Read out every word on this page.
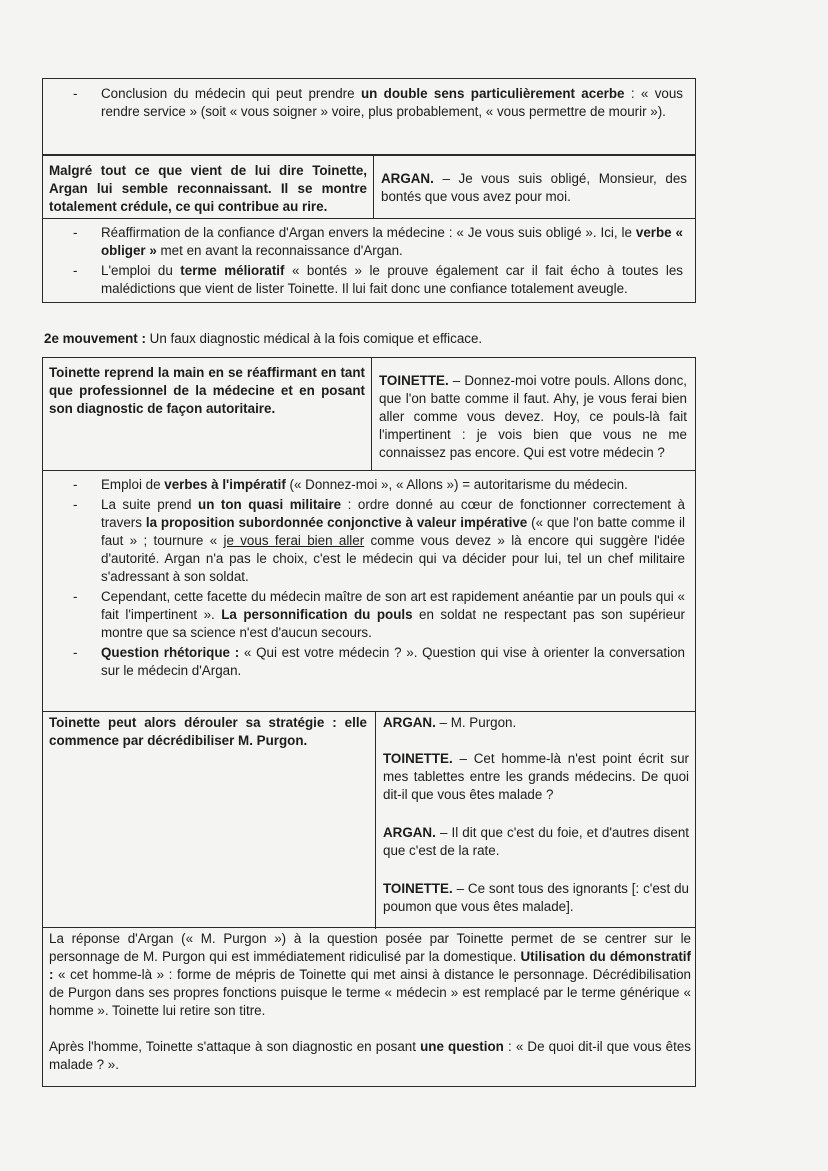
- Conclusion du médecin qui peut prendre un double sens particulièrement acerbe : « vous rendre service » (soit « vous soigner » voire, plus probablement, « vous permettre de mourir »).

Malgré tout ce que vient de lui dire Toinette, Argan lui semble reconnaissant. Il se montre totalement crédule, ce qui contribue au rire.

ARGAN. – Je vous suis obligé, Monsieur, des bontés que vous avez pour moi.

- Réaffirmation de la confiance d'Argan envers la médecine : « Je vous suis obligé ». Ici, le verbe « obliger » met en avant la reconnaissance d'Argan.
- L'emploi du terme mélioratif « bontés » le prouve également car il fait écho à toutes les malédictions que vient de lister Toinette. Il lui fait donc une confiance totalement aveugle.
2e mouvement : Un faux diagnostic médical à la fois comique et efficace.

Toinette reprend la main en se réaffirmant en tant que professionnel de la médecine et en posant son diagnostic de façon autoritaire.

TOINETTE. – Donnez-moi votre pouls. Allons donc, que l'on batte comme il faut. Ahy, je vous ferai bien aller comme vous devez. Hoy, ce pouls-là fait l'impertinent : je vois bien que vous ne me connaissez pas encore. Qui est votre médecin ?

- Emploi de verbes à l'impératif (« Donnez-moi », « Allons ») = autoritarisme du médecin.
- La suite prend un ton quasi militaire : ordre donné au cœur de fonctionner correctement à travers la proposition subordonnée conjonctive à valeur impérative (« que l'on batte comme il faut » ; tournure « je vous ferai bien aller comme vous devez » là encore qui suggère l'idée d'autorité. Argan n'a pas le choix, c'est le médecin qui va décider pour lui, tel un chef militaire s'adressant à son soldat.
- Cependant, cette facette du médecin maître de son art est rapidement anéantie par un pouls qui « fait l'impertinent ». La personnification du pouls en soldat ne respectant pas son supérieur montre que sa science n'est d'aucun secours.
- Question rhétorique : « Qui est votre médecin ? ». Question qui vise à orienter la conversation sur le médecin d'Argan.

Toinette peut alors dérouler sa stratégie : elle commence par décrédibiliser M. Purgon.

ARGAN. – M. Purgon.

TOINETTE. – Cet homme-là n'est point écrit sur mes tablettes entre les grands médecins. De quoi dit-il que vous êtes malade ?

ARGAN. – Il dit que c'est du foie, et d'autres disent que c'est de la rate.

TOINETTE. – Ce sont tous des ignorants [: c'est du poumon que vous êtes malade].

La réponse d'Argan (« M. Purgon ») à la question posée par Toinette permet de se centrer sur le personnage de M. Purgon qui est immédiatement ridiculisé par la domestique. Utilisation du démonstratif : « cet homme-là » : forme de mépris de Toinette qui met ainsi à distance le personnage. Décrédibilisation de Purgon dans ses propres fonctions puisque le terme « médecin » est remplacé par le terme générique « homme ». Toinette lui retire son titre.

Après l'homme, Toinette s'attaque à son diagnostic en posant une question : « De quoi dit-il que vous êtes malade ? ».
